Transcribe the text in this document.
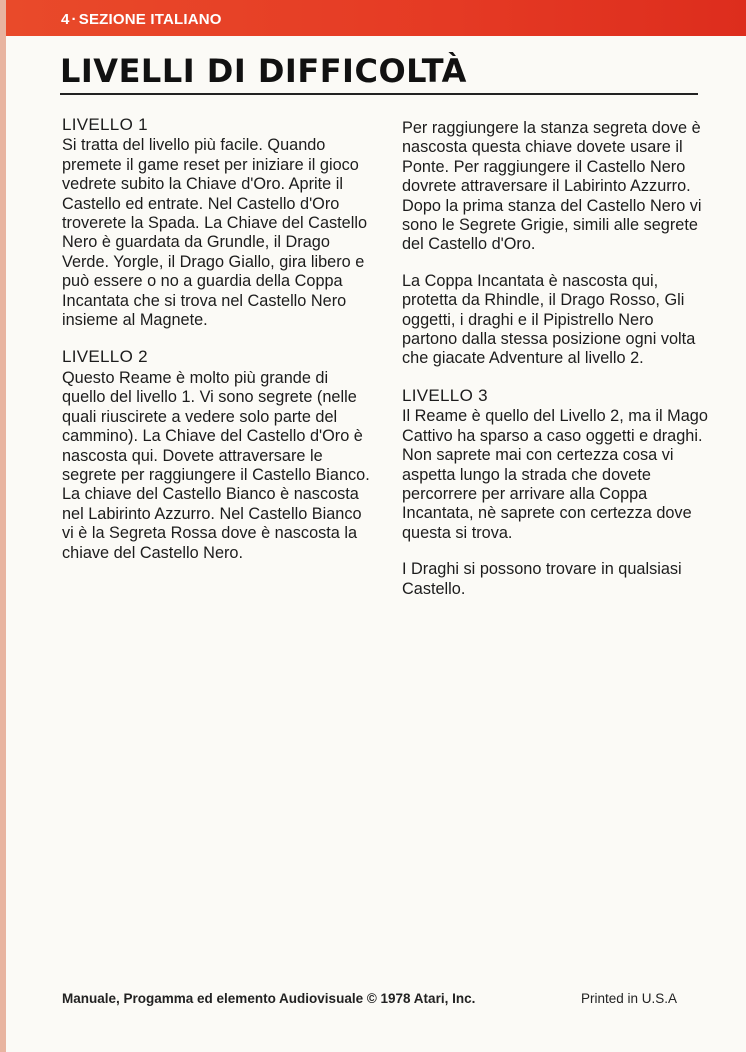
4 · SEZIONE ITALIANO
LIVELLI DI DIFFICOLTÀ
LIVELLO 1

Si tratta del livello più facile. Quando premete il game reset per iniziare il gioco vedrete subito la Chiave d'Oro. Aprite il Castello ed entrate. Nel Castello d'Oro troverete la Spada. La Chiave del Castello Nero è guardata da Grundle, il Drago Verde. Yorgle, il Drago Giallo, gira libero e può essere o no a guardia della Coppa Incantata che si trova nel Castello Nero insieme al Magnete.

LIVELLO 2

Questo Reame è molto più grande di quello del livello 1. Vi sono segrete (nelle quali riuscirete a vedere solo parte del cammino). La Chiave del Castello d'Oro è nascosta qui. Dovete attraversare le segrete per raggiungere il Castello Bianco. La chiave del Castello Bianco è nascosta nel Labirinto Azzurro. Nel Castello Bianco vi è la Segreta Rossa dove è nascosta la chiave del Castello Nero.

Per raggiungere la stanza segreta dove è nascosta questa chiave dovete usare il Ponte. Per raggiungere il Castello Nero dovrete attraversare il Labirinto Azzurro. Dopo la prima stanza del Castello Nero vi sono le Segrete Grigie, simili alle segrete del Castello d'Oro.

La Coppa Incantata è nascosta qui, protetta da Rhindle, il Drago Rosso, Gli oggetti, i draghi e il Pipistrello Nero partono dalla stessa posizione ogni volta che giacate Adventure al livello 2.

LIVELLO 3

Il Reame è quello del Livello 2, ma il Mago Cattivo ha sparso a caso oggetti e draghi. Non saprete mai con certezza cosa vi aspetta lungo la strada che dovete percorrere per arrivare alla Coppa Incantata, nè saprete con certezza dove questa si trova.

I Draghi si possono trovare in qualsiasi Castello.

Manuale, Progamma ed elemento Audiovisuale © 1978 Atari, Inc.	Printed in U.S.A
